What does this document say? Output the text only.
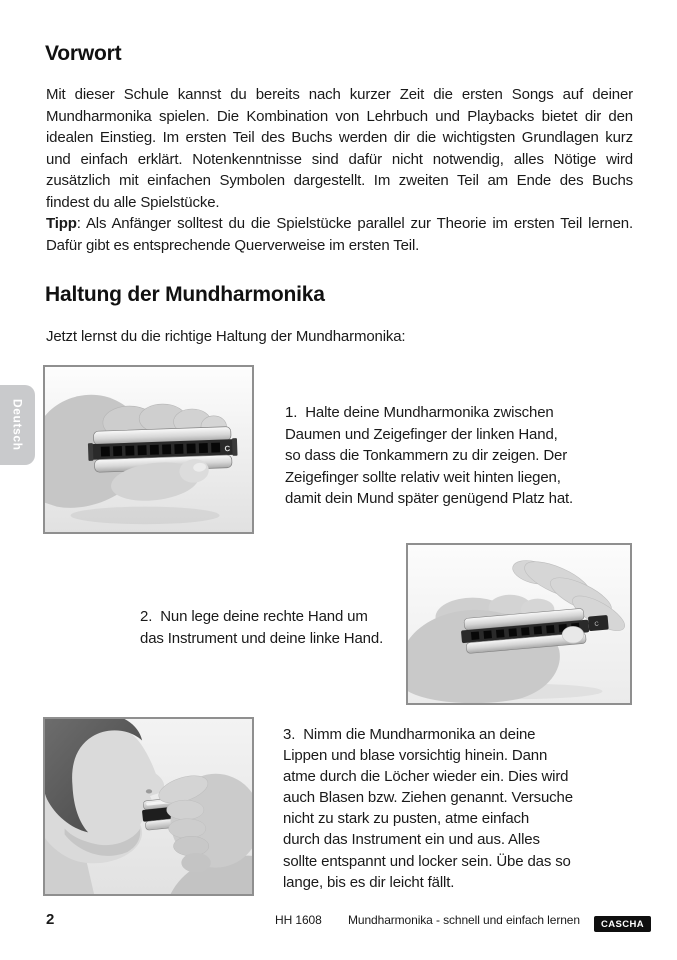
Vorwort
Mit dieser Schule kannst du bereits nach kurzer Zeit die ersten Songs auf deiner
Mundharmonika spielen. Die Kombination von Lehrbuch und Playbacks bietet dir den
idealen Einstieg. Im ersten Teil des Buchs werden dir die wichtigsten Grundlagen kurz
und einfach erklärt. Notenkenntnisse sind dafür nicht notwendig, alles Nötige wird
zusätzlich mit einfachen Symbolen dargestellt. Im zweiten Teil am Ende des Buchs
findest du alle Spielstücke.
Tipp: Als Anfänger solltest du die Spielstücke parallel zur Theorie im ersten Teil lernen.
Dafür gibt es entsprechende Querverweise im ersten Teil.
Haltung der Mundharmonika
Jetzt lernst du die richtige Haltung der Mundharmonika:
Deutsch	C
1.  Halte deine Mundharmonika zwischen
Daumen und Zeigefinger der linken Hand,
so dass die Tonkammern zu dir zeigen. Der
Zeigefinger sollte relativ weit hinten liegen,
damit dein Mund später genügend Platz hat.
2.  Nun lege deine rechte Hand um
das Instrument und deine linke Hand.
C
3.  Nimm die Mundharmonika an deine
Lippen und blase vorsichtig hinein. Dann
atme durch die Löcher wieder ein. Dies wird
auch Blasen bzw. Ziehen genannt. Versuche
nicht zu stark zu pusten, atme einfach
durch das Instrument ein und aus. Alles
sollte entspannt und locker sein. Übe das so
lange, bis es dir leicht fällt.
2	HH 1608 Mundharmonika - schnell und einfach lernen CASCHA
